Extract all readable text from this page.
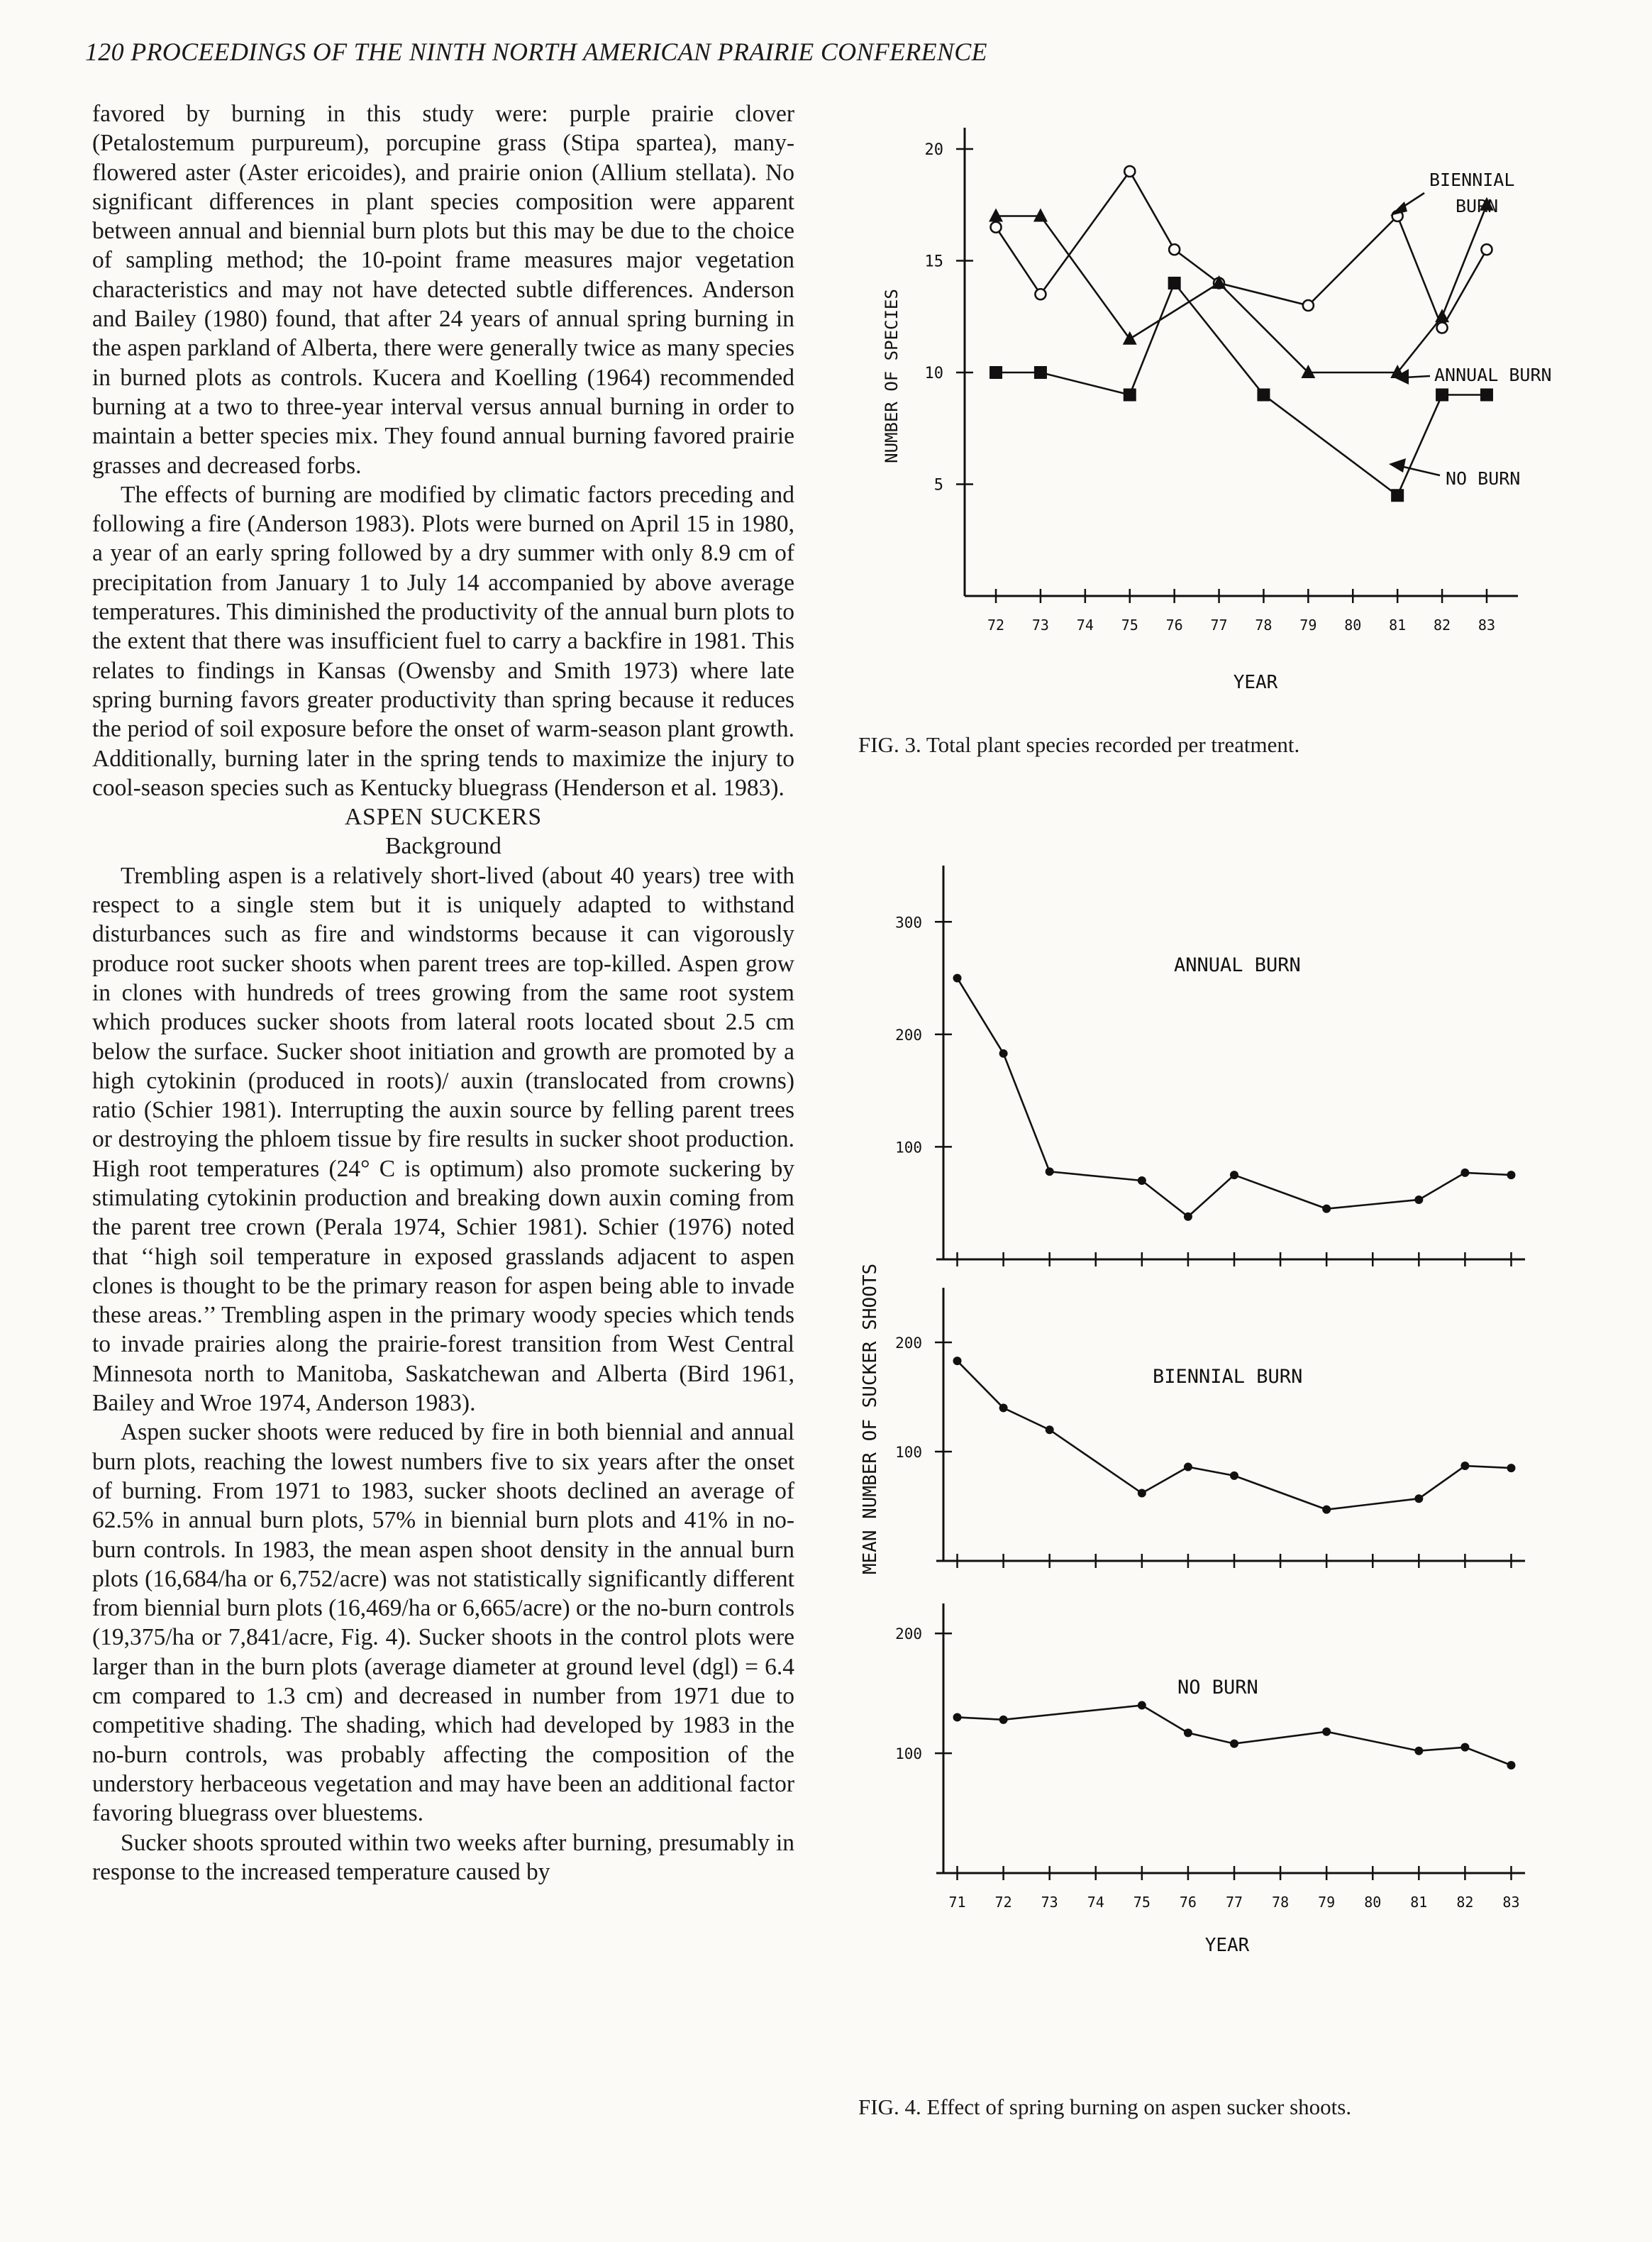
120 PROCEEDINGS OF THE NINTH NORTH AMERICAN PRAIRIE CONFERENCE

favored by burning in this study were: purple prairie clover (Petalostemum purpureum), porcupine grass (Stipa spartea), many-flowered aster (Aster ericoides), and prairie onion (Allium stellata). No significant differences in plant species composition were apparent between annual and biennial burn plots but this may be due to the choice of sampling method; the 10-point frame measures major vegetation characteristics and may not have detected subtle differences. Anderson and Bailey (1980) found, that after 24 years of annual spring burning in the aspen parkland of Alberta, there were generally twice as many species in burned plots as controls. Kucera and Koelling (1964) recommended burning at a two to three-year interval versus annual burning in order to maintain a better species mix. They found annual burning favored prairie grasses and decreased forbs.

The effects of burning are modified by climatic factors preceding and following a fire (Anderson 1983). Plots were burned on April 15 in 1980, a year of an early spring followed by a dry summer with only 8.9 cm of precipitation from January 1 to July 14 accompanied by above average temperatures. This diminished the productivity of the annual burn plots to the extent that there was insufficient fuel to carry a backfire in 1981. This relates to findings in Kansas (Owensby and Smith 1973) where late spring burning favors greater productivity than spring because it reduces the period of soil exposure before the onset of warm-season plant growth. Additionally, burning later in the spring tends to maximize the injury to cool-season species such as Kentucky bluegrass (Henderson et al. 1983).

ASPEN SUCKERS

Background

Trembling aspen is a relatively short-lived (about 40 years) tree with respect to a single stem but it is uniquely adapted to withstand disturbances such as fire and windstorms because it can vigorously produce root sucker shoots when parent trees are top-killed. Aspen grow in clones with hundreds of trees growing from the same root system which produces sucker shoots from lateral roots located sbout 2.5 cm below the surface. Sucker shoot initiation and growth are promoted by a high cytokinin (produced in roots)/ auxin (translocated from crowns) ratio (Schier 1981). Interrupting the auxin source by felling parent trees or destroying the phloem tissue by fire results in sucker shoot production. High root temperatures (24° C is optimum) also promote suckering by stimulating cytokinin production and breaking down auxin coming from the parent tree crown (Perala 1974, Schier 1981). Schier (1976) noted that ‘‘high soil temperature in exposed grasslands adjacent to aspen clones is thought to be the primary reason for aspen being able to invade these areas.’’ Trembling aspen in the primary woody species which tends to invade prairies along the prairie-forest transition from West Central Minnesota north to Manitoba, Saskatchewan and Alberta (Bird 1961, Bailey and Wroe 1974, Anderson 1983).

Aspen sucker shoots were reduced by fire in both biennial and annual burn plots, reaching the lowest numbers five to six years after the onset of burning. From 1971 to 1983, sucker shoots declined an average of 62.5% in annual burn plots, 57% in biennial burn plots and 41% in no-burn controls. In 1983, the mean aspen shoot density in the annual burn plots (16,684/ha or 6,752/acre) was not statistically significantly different from biennial burn plots (16,469/ha or 6,665/acre) or the no-burn controls (19,375/ha or 7,841/acre, Fig. 4). Sucker shoots in the control plots were larger than in the burn plots (average diameter at ground level (dgl) = 6.4 cm compared to 1.3 cm) and decreased in number from 1971 due to competitive shading. The shading, which had developed by 1983 in the no-burn controls, was probably affecting the composition of the understory herbaceous vegetation and may have been an additional factor favoring bluegrass over bluestems.

Sucker shoots sprouted within two weeks after burning, presumably in response to the increased temperature caused by

5
10
15
20
72 73 74 75 76 77 78 79 80 81 82 83
NUMBER OF SPECIES
YEAR
BIENNIAL
BURN
ANNUAL BURN
NO BURN
FIG. 3. Total plant species recorded per treatment.
100
200
300
100
200
100
200
71 72 73 74 75 76 77 78 79 80 81 82 83
MEAN NUMBER OF SUCKER SHOOTS
YEAR
ANNUAL BURN
BIENNIAL BURN
NO BURN
FIG. 4. Effect of spring burning on aspen sucker shoots.
